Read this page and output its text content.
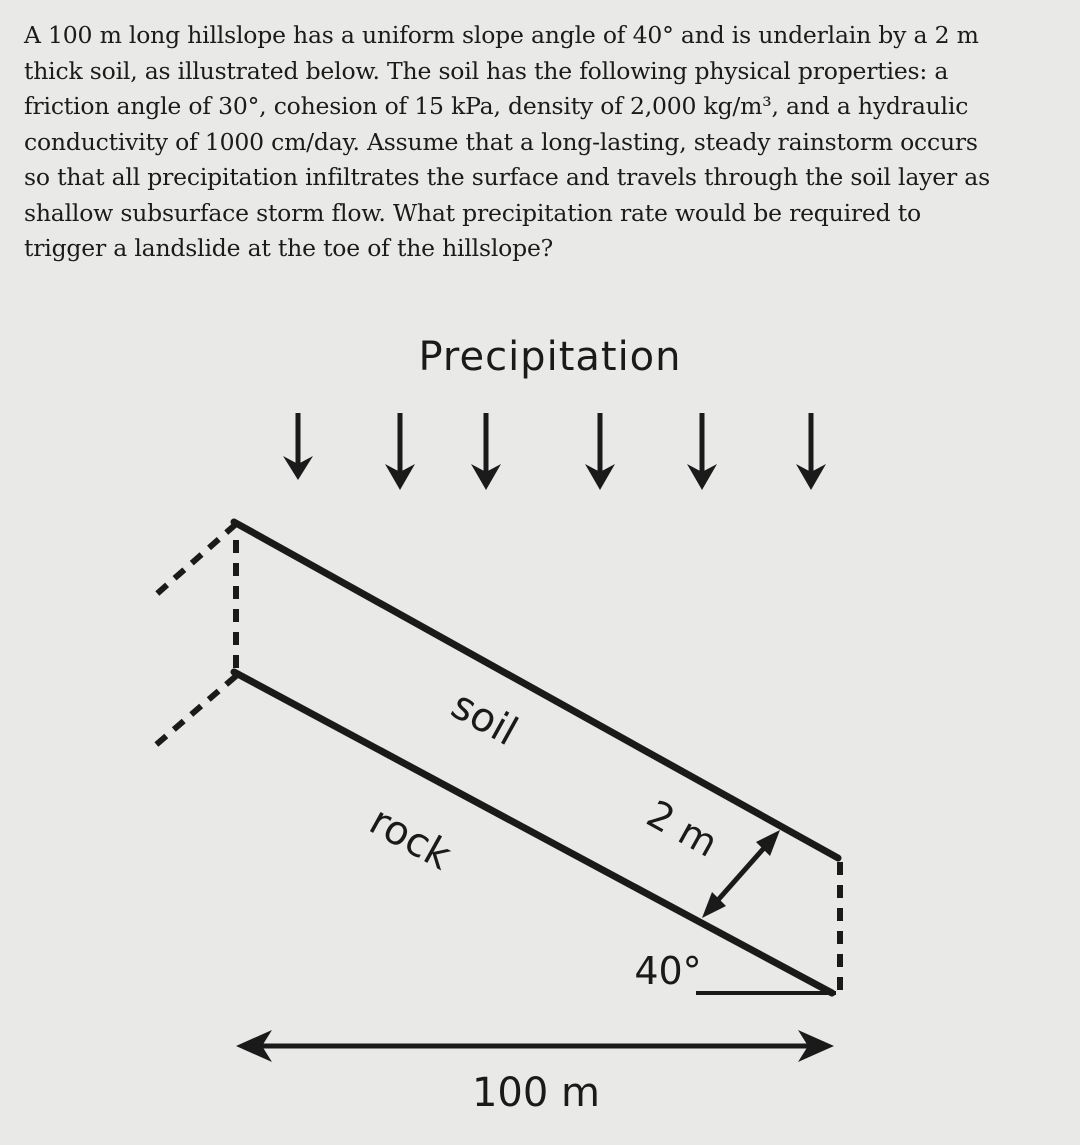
A 100 m long hillslope has a uniform slope angle of 40° and is underlain by a 2 m
thick soil, as illustrated below. The soil has the following physical properties: a
friction angle of 30°, cohesion of 15 kPa, density of 2,000 kg/m³, and a hydraulic
conductivity of 1000 cm/day. Assume that a long-lasting, steady rainstorm occurs
so that all precipitation infiltrates the surface and travels through the soil layer as
shallow subsurface storm flow. What precipitation rate would be required to
trigger a landslide at the toe of the hillslope?
Precipitation
soil
rock	2 m
40°
100 m
